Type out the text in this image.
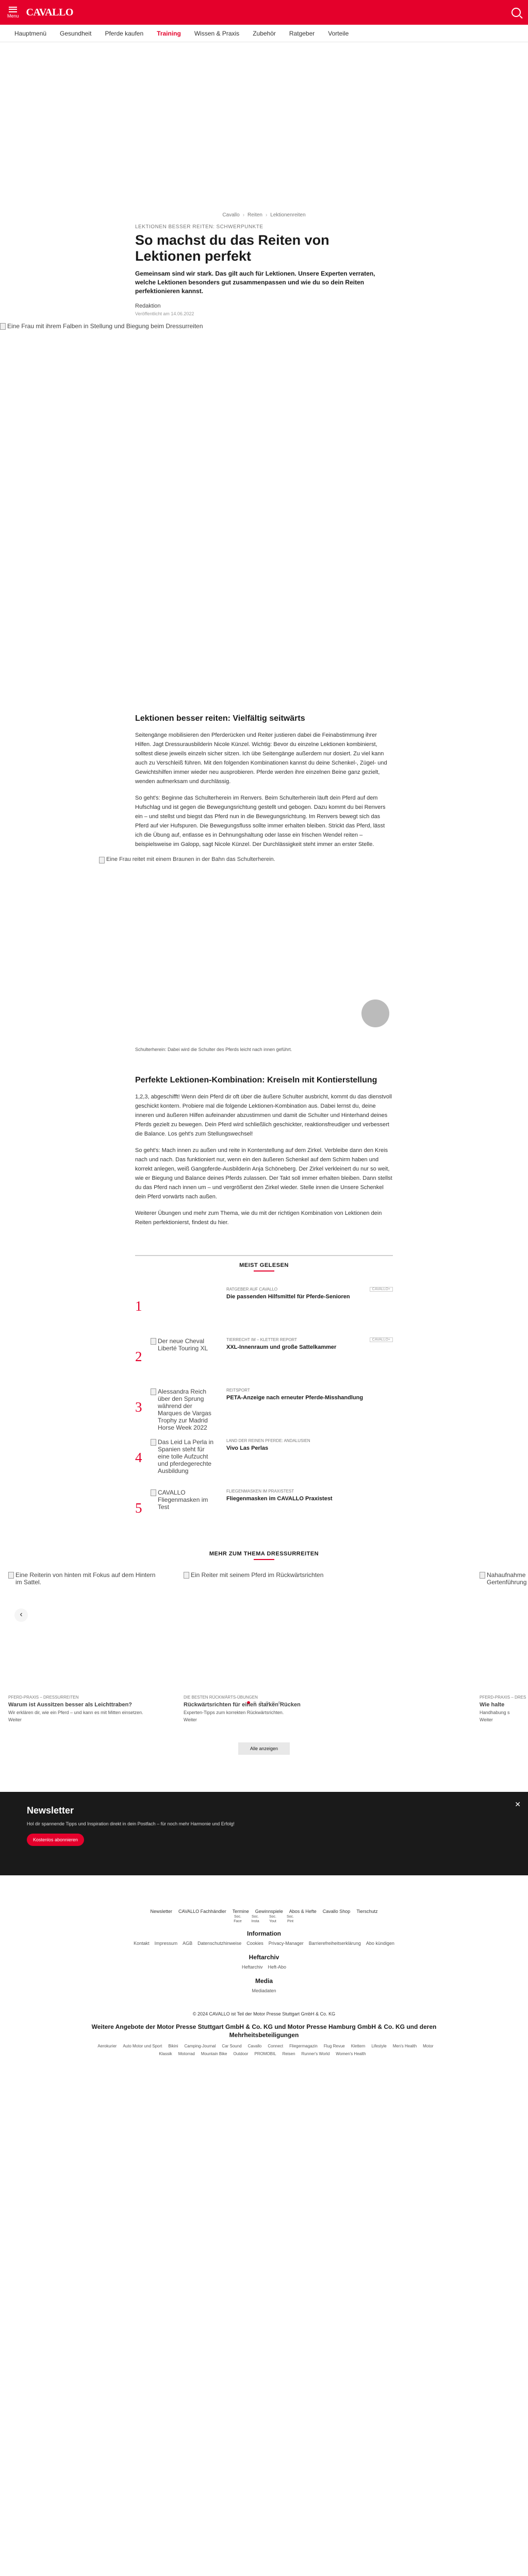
Menu CAVALLO
Hauptmenü Gesundheit Pferde kaufen Training Wissen & Praxis Zubehör Ratgeber Vorteile
Cavallo › Reiten › Lektionenreiten
LEKTIONEN BESSER REITEN: SCHWERPUNKTE
So machst du das Reiten von Lektionen perfekt

Gemeinsam sind wir stark. Das gilt auch für Lektionen. Unsere Experten verraten, welche Lektionen besonders gut zusammenpassen und wie du so dein Reiten perfektionieren kannst.

Redaktion
Veröffentlicht am 14.06.2022
Eine Frau mit ihrem Falben in Stellung und Biegung beim Dressurreiten
Lektionen besser reiten: Vielfältig seitwärts

Seitengänge mobilisieren den Pferderücken und Reiter justieren dabei die Feinabstimmung ihrer Hilfen. Jagt Dressurausbilderin Nicole Künzel. Wichtig: Bevor du einzelne Lektionen kombinierst, solltest diese jeweils einzeln sicher sitzen. Ich übe Seitengänge außerdem nur dosiert. Zu viel kann auch zu Verschleiß führen. Mit den folgenden Kombinationen kannst du deine Schenkel-, Zügel- und Gewichtshilfen immer wieder neu ausprobieren. Pferde werden ihre einzelnen Beine ganz gezielt, wenden aufmerksam und durchlässig.

So geht's: Beginne das Schulterherein im Renvers. Beim Schulterherein läuft dein Pferd auf dem Hufschlag und ist gegen die Bewegungsrichtung gestellt und gebogen. Dazu kommt du bei Renvers ein – und stellst und biegst das Pferd nun in die Bewegungsrichtung. Im Renvers bewegt sich das Pferd auf vier Hufspuren. Die Bewegungsfluss sollte immer erhalten bleiben. Strickt das Pferd, lässt ich die Übung auf, entlasse es in Dehnungshaltung oder lasse ein frischen Wendel reiten – beispielsweise im Galopp, sagt Nicole Künzel. Der Durchlässigkeit steht immer an erster Stelle.

Eine Frau reitet mit einem Braunen in der Bahn das Schulterherein.

Schulterherein: Dabei wird die Schulter des Pferds leicht nach innen geführt.

Perfekte Lektionen-Kombination: Kreiseln mit Kontierstellung

1,2,3, abgeschifft! Wenn dein Pferd dir oft über die äußere Schulter ausbricht, kommt du das dienstvoll geschickt kontern. Probiere mal die folgende Lektionen-Kombination aus. Dabei lernst du, deine inneren und äußeren Hilfen aufeinander abzustimmen und damit die Schulter und Hinterhand deines Pferds gezielt zu bewegen. Dein Pferd wird schließlich geschickter, reaktionsfreudiger und verbessert die Balance. Los geht's zum Stellungswechsel!

So geht's: Mach innen zu außen und reite in Konterstellung auf dem Zirkel. Verbleibe dann den Kreis nach und nach. Das funktioniert nur, wenn ein den äußeren Schenkel auf dem Schirm haben und korrekt anlegen, weiß Gangpferde-Ausbilderin Anja Schöneberg. Der Zirkel verkleinert du nur so weit, wie er Biegung und Balance deines Pferds zulassen. Der Takt soll immer erhalten bleiben. Dann stellst du das Pferd nach innen um – und vergrößerst den Zirkel wieder. Stelle innen die Unsere Schenkel dein Pferd vorwärts nach außen.

Weiterer Übungen und mehr zum Thema, wie du mit der richtigen Kombination von Lektionen dein Reiten perfektionierst, findest du hier.

MEIST GELESEN
1
RATGEBER AUF CAVALLO	CAVALLO+
Die passenden Hilfsmittel für Pferde-Senioren
2
Der neue Cheval Liberté Touring XL
TIERRECHT IM – KLETTER REPORT	CAVALLO+
XXL-Innenraum und große Sattelkammer
3
Alessandra Reich über den Sprung während der Marques de Vargas Trophy zur Madrid Horse Week 2022
REITSPORT
PETA-Anzeige nach erneuter Pferde-Misshandlung
4
Das Leid La Perla in Spanien steht für eine tolle Aufzucht und pferdegerechte Ausbildung
LAND DER REINEN PFERDE: ANDALUSIEN
Vivo Las Perlas
5
CAVALLO Fliegenmasken im Test
FLIEGENMASKEN IM PRAXISTEST
Fliegenmasken im CAVALLO Praxistest
MEHR ZUM THEMA DRESSURREITEN
‹
Eine Reiterin von hinten mit Fokus auf dem Hintern im Sattel.
Ein Reiter mit seinem Pferd im Rückwärtsrichten	Nahaufnahme Gertenführung
PFERD-PRAXIS – DRESSURREITEN
Warum ist Aussitzen besser als Leichttraben?
Wir erklären dir, wie ein Pferd – und kann es mit Mitten einsetzen.
Weiter
DIE BESTEN RÜCKWÄRTS-ÜBUNGEN
Rückwärtsrichten für einen starken Rücken
Experten-Tipps zum korrekten Rückwärtsrichten.
Weiter
PFERD-PRAXIS – DRES
Wie halte
Handhabung s
Weiter
Alle anzeigen
Newsletter
Hol dir spannende Tipps und Inspiration direkt in dein Postfach – für noch mehr Harmonie und Erfolg!
Kostenlos abonnieren
✕
Newsletter CAVALLO Fachhändler Termine Gewinnspiele Abos & Hefte Cavallo Shop Tierschutz
Soc. Face
Soc. Insta
Soc. Yout
Soc. Pint
Information
Kontakt Impressum AGB Datenschutzhinweise Cookies Privacy-Manager Barrierefreiheitserklärung Abo kündigen
Heftarchiv
Heftarchiv Heft-Abo
Media
Mediadaten
© 2024 CAVALLO ist Teil der Motor Presse Stuttgart GmbH & Co. KG
Weitere Angebote der Motor Presse Stuttgart GmbH & Co. KG und Motor Presse Hamburg GmbH & Co. KG und deren Mehrheitsbeteiligungen
Aerokurier Auto Motor und Sport Bikini Camping-Journal Car Sound Cavallo Connect Fliegermagazin Flug Revue Klettern Lifestyle Men's Health Motor Klassik Motorrad Mountain Bike Outdoor PROMOBIL Reisen Runner's World Women's Health
